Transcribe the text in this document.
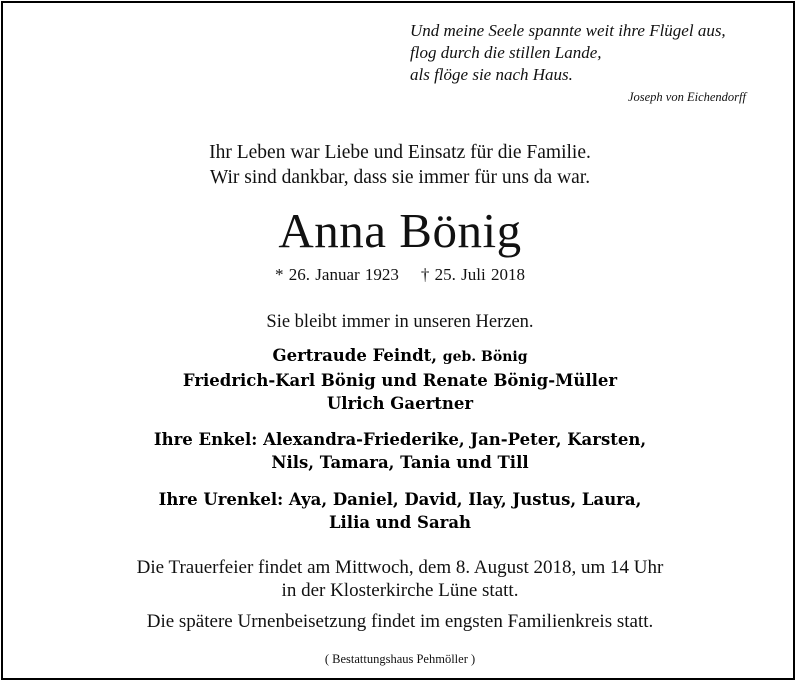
Und meine Seele spannte weit ihre Flügel aus,
flog durch die stillen Lande,
als flöge sie nach Haus.
Joseph von Eichendorff
Ihr Leben war Liebe und Einsatz für die Familie.
Wir sind dankbar, dass sie immer für uns da war.
Anna Bönig
* 26. Januar 1923 † 25. Juli 2018
Sie bleibt immer in unseren Herzen.
Gertraude Feindt, geb. Bönig
Friedrich-Karl Bönig und Renate Bönig-Müller
Ulrich Gaertner
Ihre Enkel: Alexandra-Friederike, Jan-Peter, Karsten,
Nils, Tamara, Tania und Till
Ihre Urenkel: Aya, Daniel, David, Ilay, Justus, Laura,
Lilia und Sarah
Die Trauerfeier findet am Mittwoch, dem 8. August 2018, um 14 Uhr
in der Klosterkirche Lüne statt.
Die spätere Urnenbeisetzung findet im engsten Familienkreis statt.
( Bestattungshaus Pehmöller )
